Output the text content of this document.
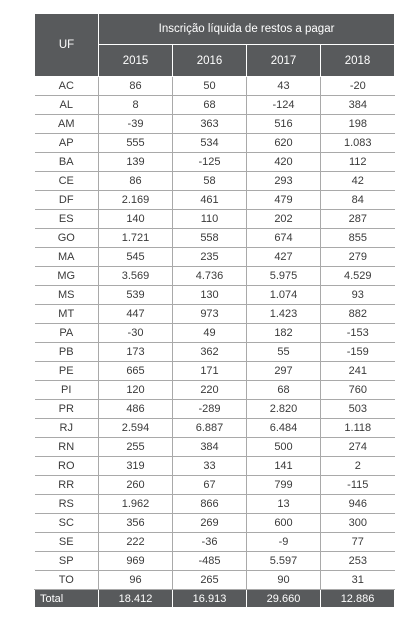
UF	Inscrição líquida de restos a pagar			
	2015	2016	2017	2018
AC	86	50	43	-20
AL	8	68	-124	384
AM	-39	363	516	198
AP	555	534	620	1.083
BA	139	-125	420	112
CE	86	58	293	42
DF	2.169	461	479	84
ES	140	110	202	287
GO	1.721	558	674	855
MA	545	235	427	279
MG	3.569	4.736	5.975	4.529
MS	539	130	1.074	93
MT	447	973	1.423	882
PA	-30	49	182	-153
PB	173	362	55	-159
PE	665	171	297	241
PI	120	220	68	760
PR	486	-289	2.820	503
RJ	2.594	6.887	6.484	1.118
RN	255	384	500	274
RO	319	33	141	2
RR	260	67	799	-115
RS	1.962	866	13	946
SC	356	269	600	300
SE	222	-36	-9	77
SP	969	-485	5.597	253
TO	96	265	90	31
Total	18.412	16.913	29.660	12.886
